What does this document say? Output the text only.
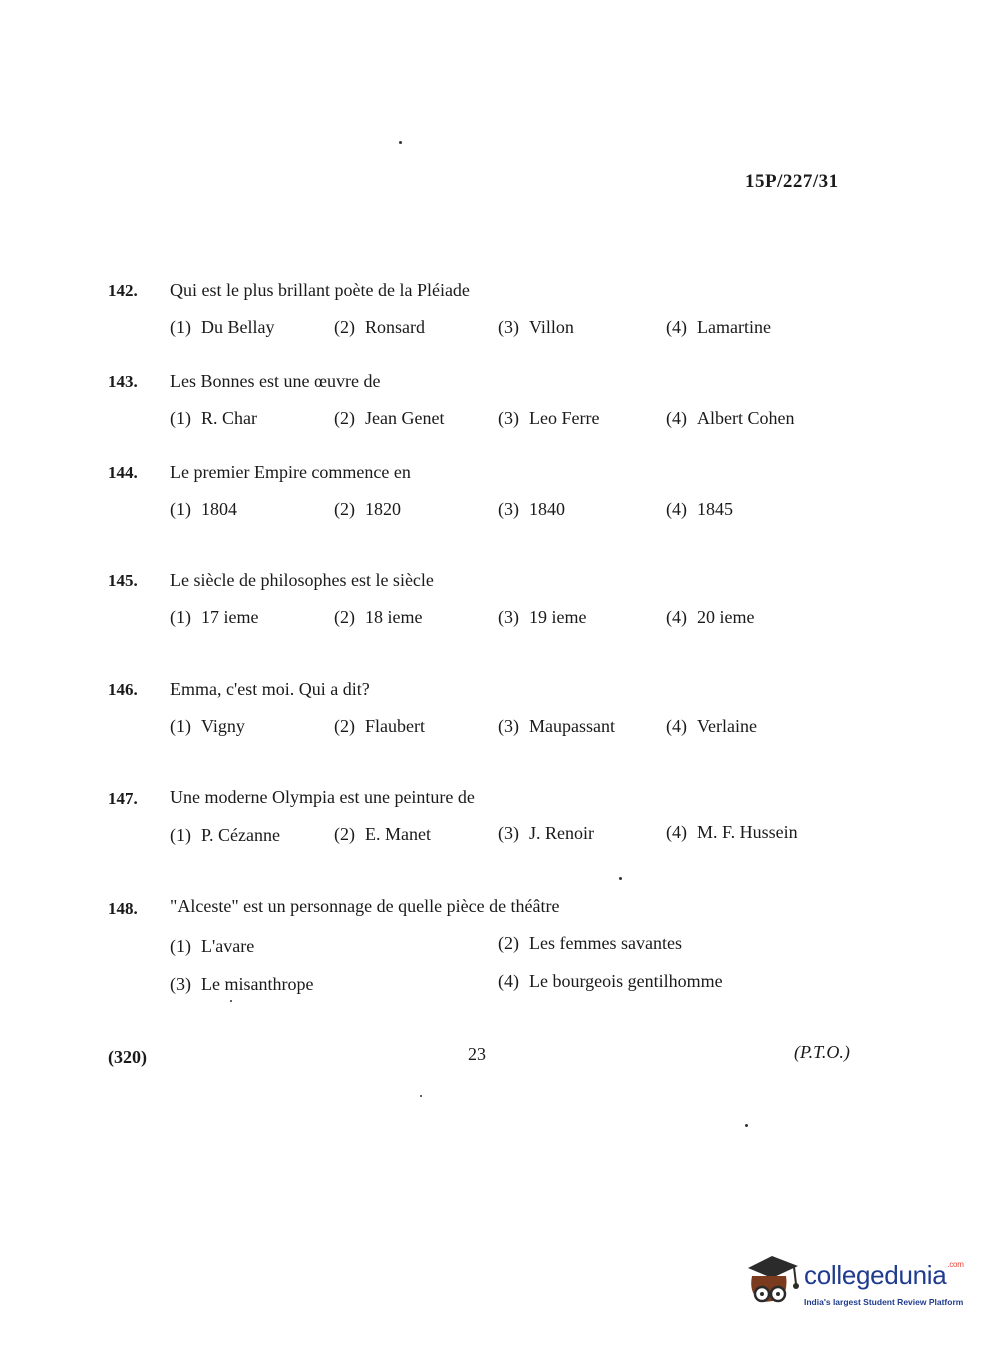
15P/227/31
142. Qui est le plus brillant poète de la Pléiade
(1) Du Bellay	(2) Ronsard	(3) Villon	(4) Lamartine
143. Les Bonnes est une œuvre de
(1) R. Char	(2) Jean Genet	(3) Leo Ferre	(4) Albert Cohen
144. Le premier Empire commence en
(1) 1804	(2) 1820	(3) 1840	(4) 1845
145. Le siècle de philosophes est le siècle
(1) 17 ieme	(2) 18 ieme	(3) 19 ieme	(4) 20 ieme
146. Emma, c'est moi. Qui a dit?
(1) Vigny	(2) Flaubert	(3) Maupassant	(4) Verlaine
147. Une moderne Olympia est une peinture de
(1) P. Cézanne	(2) E. Manet	(3) J. Renoir	(4) M. F. Hussein
148. "Alceste" est un personnage de quelle pièce de théâtre
(1) L'avare	(2) Les femmes savantes
(3) Le misanthrope	(4) Le bourgeois gentilhomme
(320)	23	(P.T.O.)
collegedunia$^{.com}$
India's largest Student Review Platform
